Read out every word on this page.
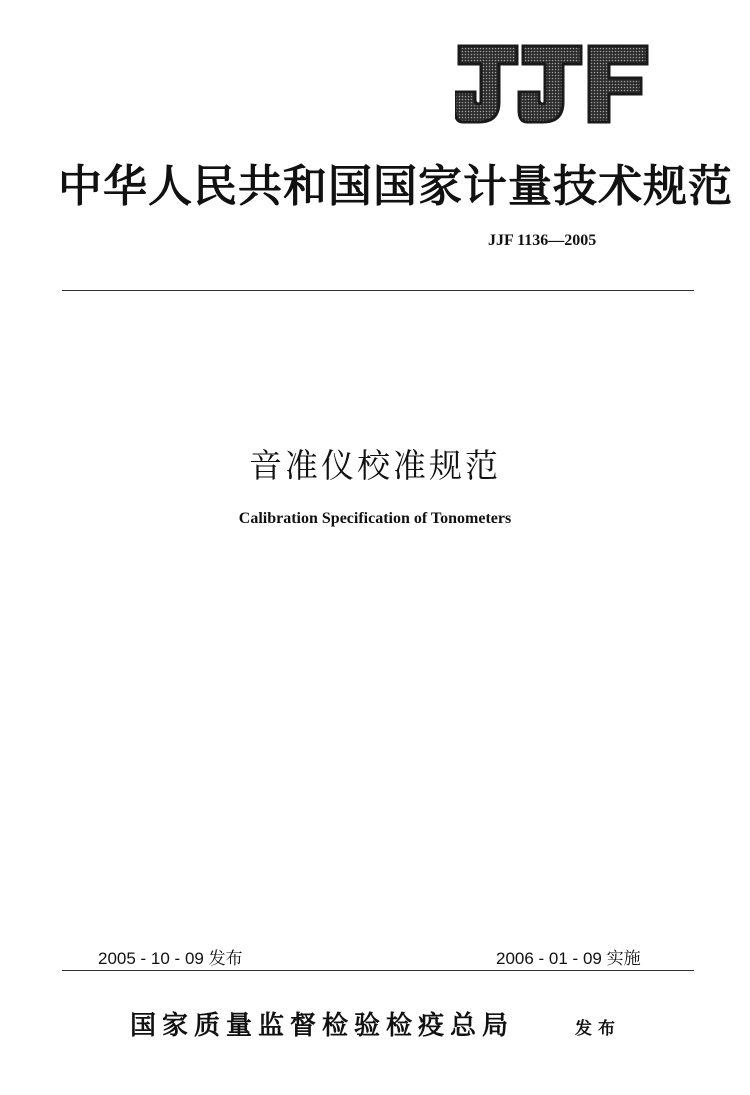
中华人民共和国国家计量技术规范
JJF 1136—2005
音准仪校准规范
Calibration Specification of Tonometers
2005 - 10 - 09 发布	2006 - 01 - 09 实施
国家质量监督检验检疫总局	发布
